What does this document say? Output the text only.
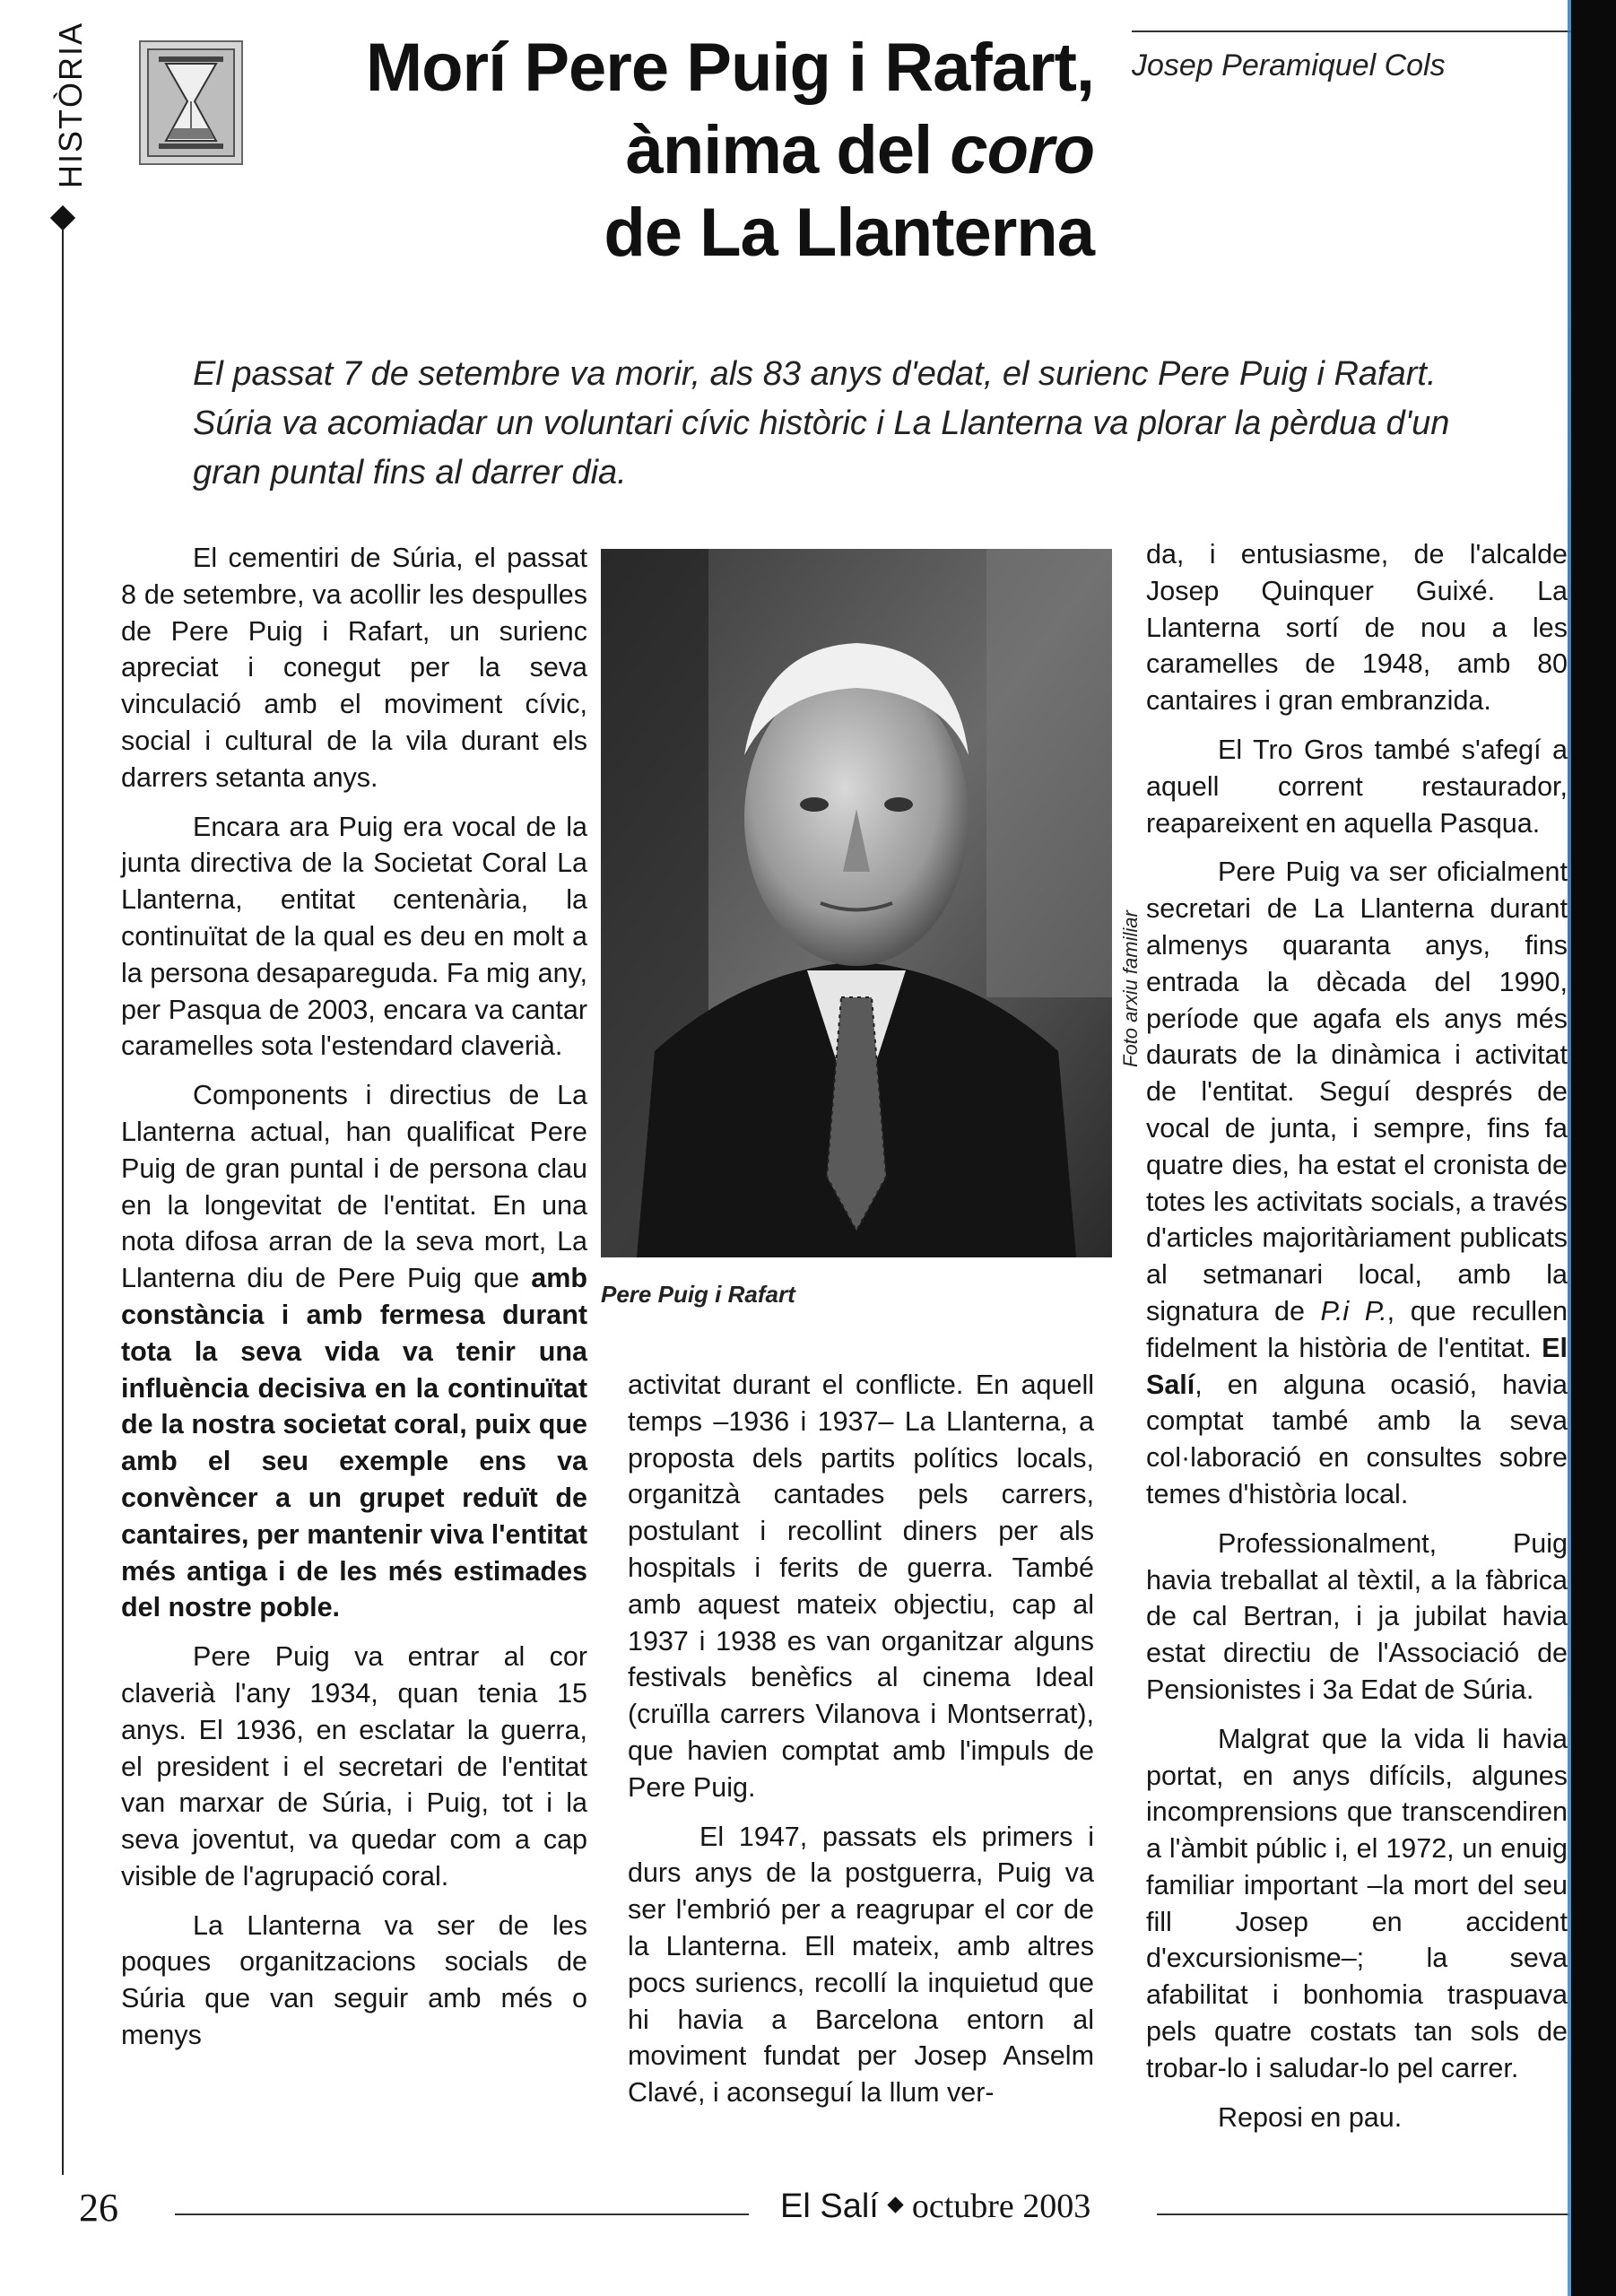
HISTÒRIA	Morí Pere Puig i Rafart,
ànima del coro
de La Llanterna
Josep Peramiquel Cols
El passat 7 de setembre va morir, als 83 anys d'edat, el surienc Pere Puig i Rafart. Súria va acomiadar un voluntari cívic històric i La Llanterna va plorar la pèrdua d'un gran puntal fins al darrer dia.

El cementiri de Súria, el passat 8 de setembre, va acollir les despulles de Pere Puig i Rafart, un surienc apreciat i conegut per la seva vinculació amb el moviment cívic, social i cultural de la vila durant els darrers setanta anys.

Encara ara Puig era vocal de la junta directiva de la Societat Coral La Llanterna, entitat centenària, la continuïtat de la qual es deu en molt a la persona desapareguda. Fa mig any, per Pasqua de 2003, encara va cantar caramelles sota l'estendard claverià.

Components i directius de La Llanterna actual, han qualificat Pere Puig de gran puntal i de persona clau en la longevitat de l'entitat. En una nota difosa arran de la seva mort, La Llanterna diu de Pere Puig que amb constància i amb fermesa durant tota la seva vida va tenir una influència decisiva en la continuïtat de la nostra societat coral, puix que amb el seu exemple ens va convèncer a un grupet reduït de cantaires, per mantenir viva l'entitat més antiga i de les més estimades del nostre poble.

Pere Puig va entrar al cor claverià l'any 1934, quan tenia 15 anys. El 1936, en esclatar la guerra, el president i el secretari de l'entitat van marxar de Súria, i Puig, tot i la seva joventut, va quedar com a cap visible de l'agrupació coral.

La Llanterna va ser de les poques organitzacions socials de Súria que van seguir amb més o menys

Foto arxiu familiar
Pere Puig i Rafart

activitat durant el conflicte. En aquell temps –1936 i 1937– La Llanterna, a proposta dels partits polítics locals, organitzà cantades pels carrers, postulant i recollint diners per als hospitals i ferits de guerra. També amb aquest mateix objectiu, cap al 1937 i 1938 es van organitzar alguns festivals benèfics al cinema Ideal (cruïlla carrers Vilanova i Montserrat), que havien comptat amb l'impuls de Pere Puig.

El 1947, passats els primers i durs anys de la postguerra, Puig va ser l'embrió per a reagrupar el cor de la Llanterna. Ell mateix, amb altres pocs suriencs, recollí la inquietud que hi havia a Barcelona entorn al moviment fundat per Josep Anselm Clavé, i aconseguí la llum ver-

da, i entusiasme, de l'alcalde Josep Quinquer Guixé. La Llanterna sortí de nou a les caramelles de 1948, amb 80 cantaires i gran embranzida.

El Tro Gros també s'afegí a aquell corrent restaurador, reapareixent en aquella Pasqua.

Pere Puig va ser oficialment secretari de La Llanterna durant almenys quaranta anys, fins entrada la dècada del 1990, període que agafa els anys més daurats de la dinàmica i activitat de l'entitat. Seguí després de vocal de junta, i sempre, fins fa quatre dies, ha estat el cronista de totes les activitats socials, a través d'articles majoritàriament publicats al setmanari local, amb la signatura de P.i P., que recullen fidelment la història de l'entitat. El Salí, en alguna ocasió, havia comptat també amb la seva col·laboració en consultes sobre temes d'història local.

Professionalment, Puig havia treballat al tèxtil, a la fàbrica de cal Bertran, i ja jubilat havia estat directiu de l'Associació de Pensionistes i 3a Edat de Súria.

Malgrat que la vida li havia portat, en anys difícils, algunes incomprensions que transcendiren a l'àmbit públic i, el 1972, un enuig familiar important –la mort del seu fill Josep en accident d'excursionisme–; la seva afabilitat i bonhomia traspuava pels quatre costats tan sols de trobar-lo i saludar-lo pel carrer.

Reposi en pau.

26	El Salí octubre 2003
